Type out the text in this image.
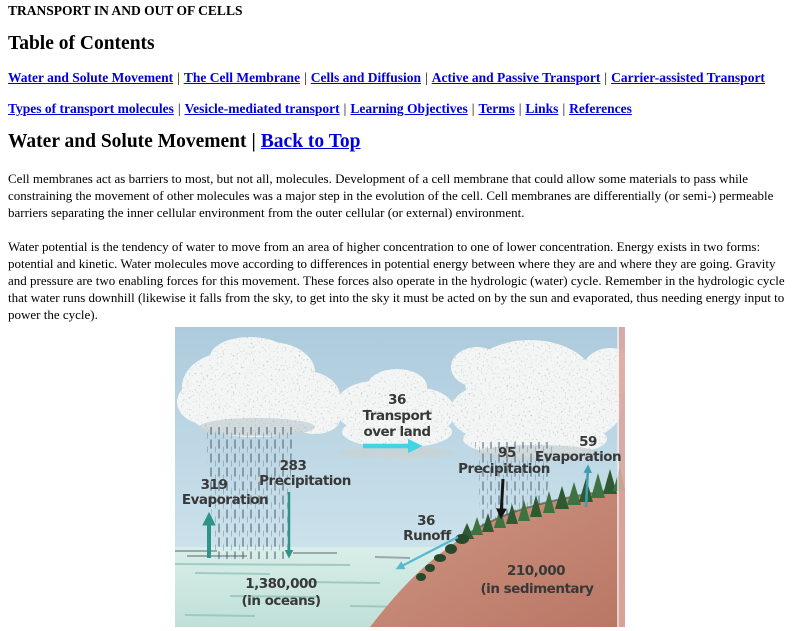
TRANSPORT IN AND OUT OF CELLS

Table of Contents

Water and Solute Movement | The Cell Membrane | Cells and Diffusion | Active and Passive Transport | Carrier-assisted Transport

Types of transport molecules | Vesicle-mediated transport | Learning Objectives | Terms | Links | References

Water and Solute Movement | Back to Top

Cell membranes act as barriers to most, but not all, molecules. Development of a cell membrane that could allow some materials to pass while constraining the movement of other molecules was a major step in the evolution of the cell. Cell membranes are differentially (or semi-) permeable barriers separating the inner cellular environment from the outer cellular (or external) environment.

Water potential is the tendency of water to move from an area of higher concentration to one of lower concentration. Energy exists in two forms: potential and kinetic. Water molecules move according to differences in potential energy between where they are and where they are going. Gravity and pressure are two enabling forces for this movement. These forces also operate in the hydrologic (water) cycle. Remember in the hydrologic cycle that water runs downhill (likewise it falls from the sky, to get into the sky it must be acted on by the sun and evaporated, thus needing energy input to power the cycle).

36
Transport
over land
283
Precipitation
319
Evaporation
95
Precipitation
59
Evaporation
36
Runoff
1,380,000
(in oceans)
210,000
(in sedimentary
